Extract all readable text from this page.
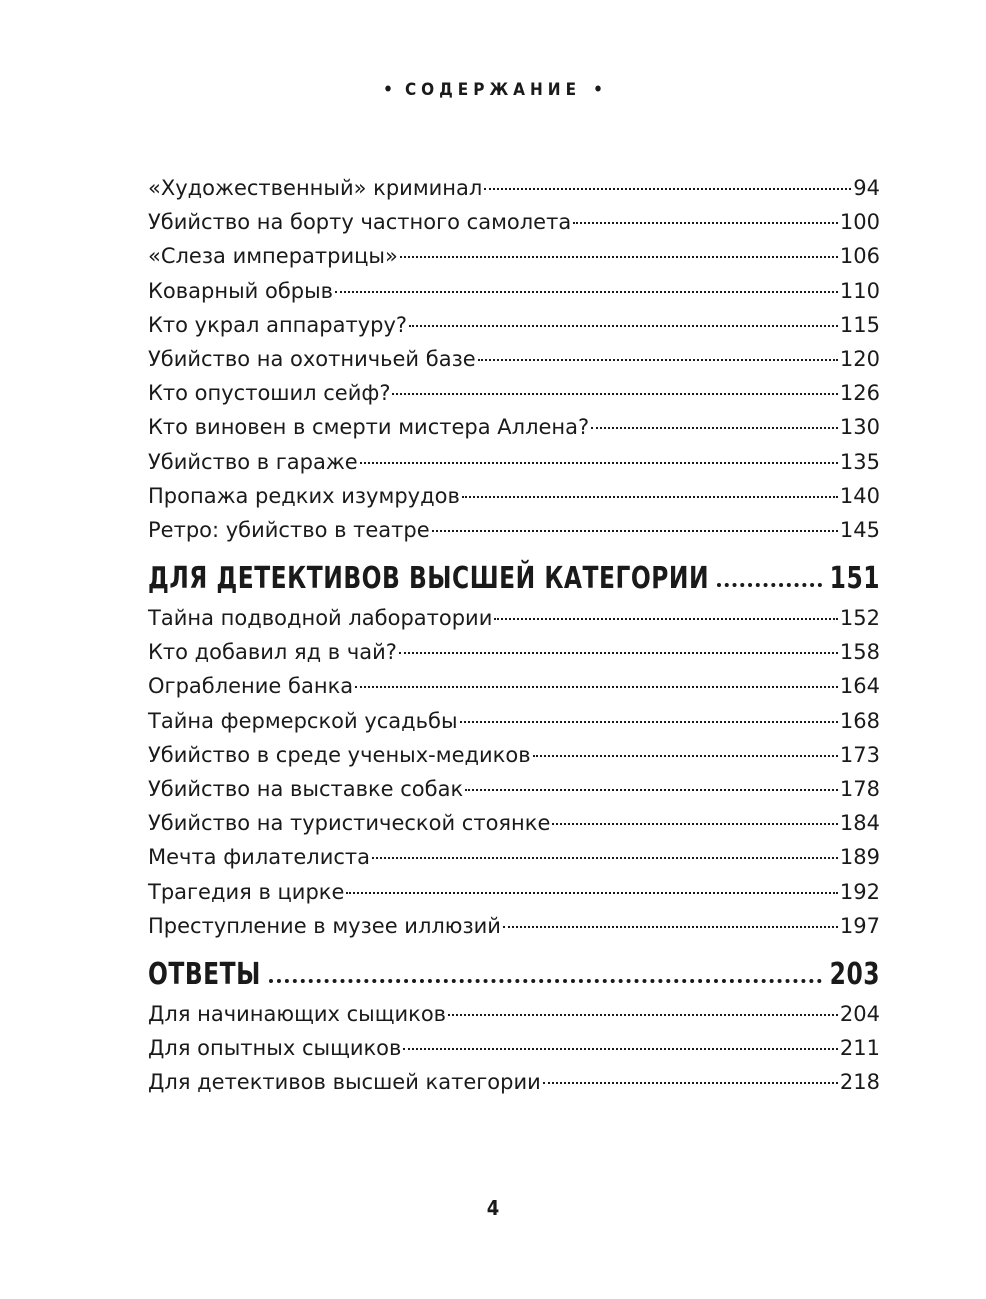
• СОДЕРЖАНИЕ •
«Художественный» криминал	94
Убийство на борту частного самолета	100
«Слеза императрицы»	106
Коварный обрыв	110
Кто украл аппаратуру?	115
Убийство на охотничьей базе	120
Кто опустошил сейф?	126
Кто виновен в смерти мистера Аллена?	130
Убийство в гараже	135
Пропажа редких изумрудов	140
Ретро: убийство в театре	145
ДЛЯ ДЕТЕКТИВОВ ВЫСШЕЙ КАТЕГОРИИ	151
Тайна подводной лаборатории	152
Кто добавил яд в чай?	158
Ограбление банка	164
Тайна фермерской усадьбы	168
Убийство в среде ученых-медиков	173
Убийство на выставке собак	178
Убийство на туристической стоянке	184
Мечта филателиста	189
Трагедия в цирке	192
Преступление в музее иллюзий	197
ОТВЕТЫ	203
Для начинающих сыщиков	204
Для опытных сыщиков	211
Для детективов высшей категории	218
4
